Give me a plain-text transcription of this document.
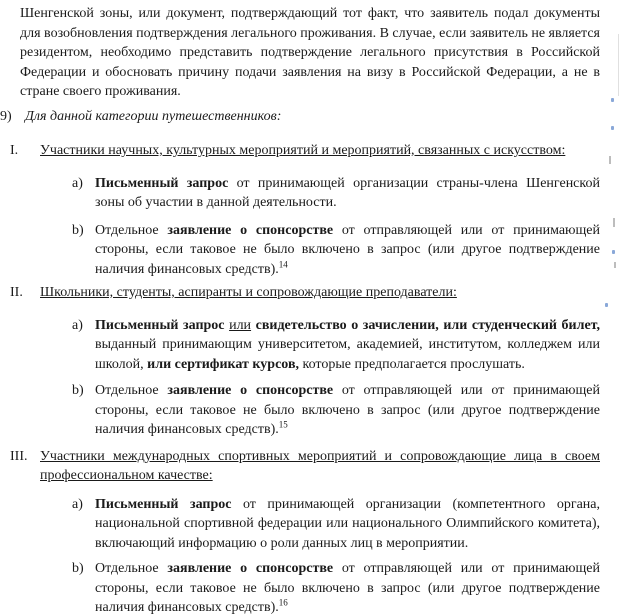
Шенгенской зоны, или документ, подтверждающий тот факт, что заявитель подал документы для возобновления подтверждения легального проживания. В случае, если заявитель не является резидентом, необходимо представить подтверждение легального присутствия в Российской Федерации и обосновать причину подачи заявления на визу в Российской Федерации, а не в стране своего проживания.

9) Для данной категории путешественников:
I.	Участники научных, культурных мероприятий и мероприятий, связанных с искусством:
a) Письменный запрос от принимающей организации страны-члена Шенгенской зоны об участии в данной деятельности.

b) Отдельное заявление о спонсорстве от отправляющей или от принимающей стороны, если таковое не было включено в запрос (или другое подтверждение наличия финансовых средств).$^{14}$

II.	Школьники, студенты, аспиранты и сопровождающие преподаватели:
a) Письменный запрос или свидетельство о зачислении, или студенческий билет, выданный принимающим университетом, академией, институтом, колледжем или школой, или сертификат курсов, которые предполагается прослушать.

b) Отдельное заявление о спонсорстве от отправляющей или от принимающей стороны, если таковое не было включено в запрос (или другое подтверждение наличия финансовых средств).$^{15}$

III. Участники международных спортивных мероприятий и сопровождающие лица в своем профессиональном качестве:
a) Письменный запрос от принимающей организации (компетентного органа, национальной спортивной федерации или национального Олимпийского комитета), включающий информацию о роли данных лиц в мероприятии.

b) Отдельное заявление о спонсорстве от отправляющей или от принимающей стороны, если таковое не было включено в запрос (или другое подтверждение наличия финансовых средств).$^{16}$
